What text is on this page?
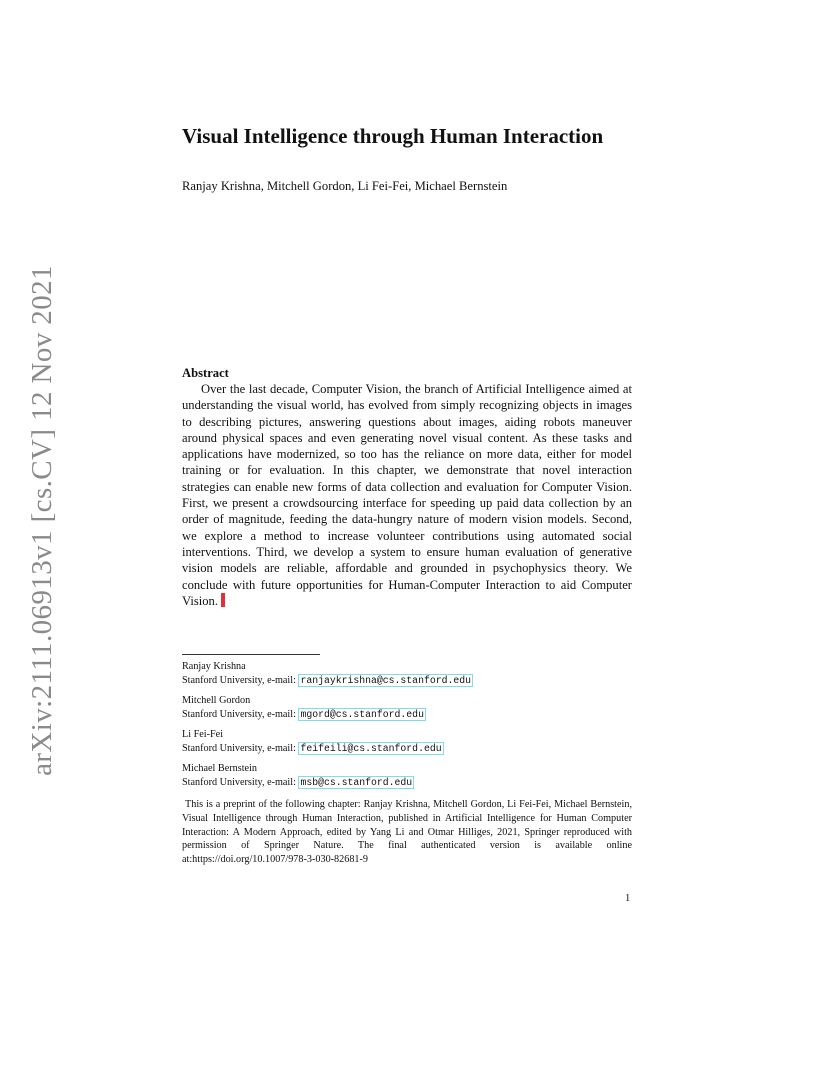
arXiv:2111.06913v1 [cs.CV] 12 Nov 2021
Visual Intelligence through Human Interaction
Ranjay Krishna, Mitchell Gordon, Li Fei-Fei, Michael Bernstein
Abstract

Over the last decade, Computer Vision, the branch of Artificial Intelligence aimed at understanding the visual world, has evolved from simply recognizing objects in images to describing pictures, answering questions about images, aiding robots maneuver around physical spaces and even generating novel visual content. As these tasks and applications have modernized, so too has the reliance on more data, either for model training or for evaluation. In this chapter, we demonstrate that novel interaction strategies can enable new forms of data collection and evaluation for Computer Vision. First, we present a crowdsourcing interface for speeding up paid data collection by an order of magnitude, feeding the data-hungry nature of modern vision models. Second, we explore a method to increase volunteer contributions using automated social interventions. Third, we develop a system to ensure human evaluation of generative vision models are reliable, affordable and grounded in psychophysics theory. We conclude with future opportunities for Human-Computer Interaction to aid Computer Vision.

Ranjay Krishna
Stanford University, e-mail: ranjaykrishna@cs.stanford.edu
Mitchell Gordon
Stanford University, e-mail: mgord@cs.stanford.edu
Li Fei-Fei
Stanford University, e-mail: feifeili@cs.stanford.edu
Michael Bernstein
Stanford University, e-mail: msb@cs.stanford.edu
This is a preprint of the following chapter: Ranjay Krishna, Mitchell Gordon, Li Fei-Fei, Michael Bernstein, Visual Intelligence through Human Interaction, published in Artificial Intelligence for Human Computer Interaction: A Modern Approach, edited by Yang Li and Otmar Hilliges, 2021, Springer reproduced with permission of Springer Nature. The final authenticated version is available online at:https://doi.org/10.1007/978-3-030-82681-9
1
